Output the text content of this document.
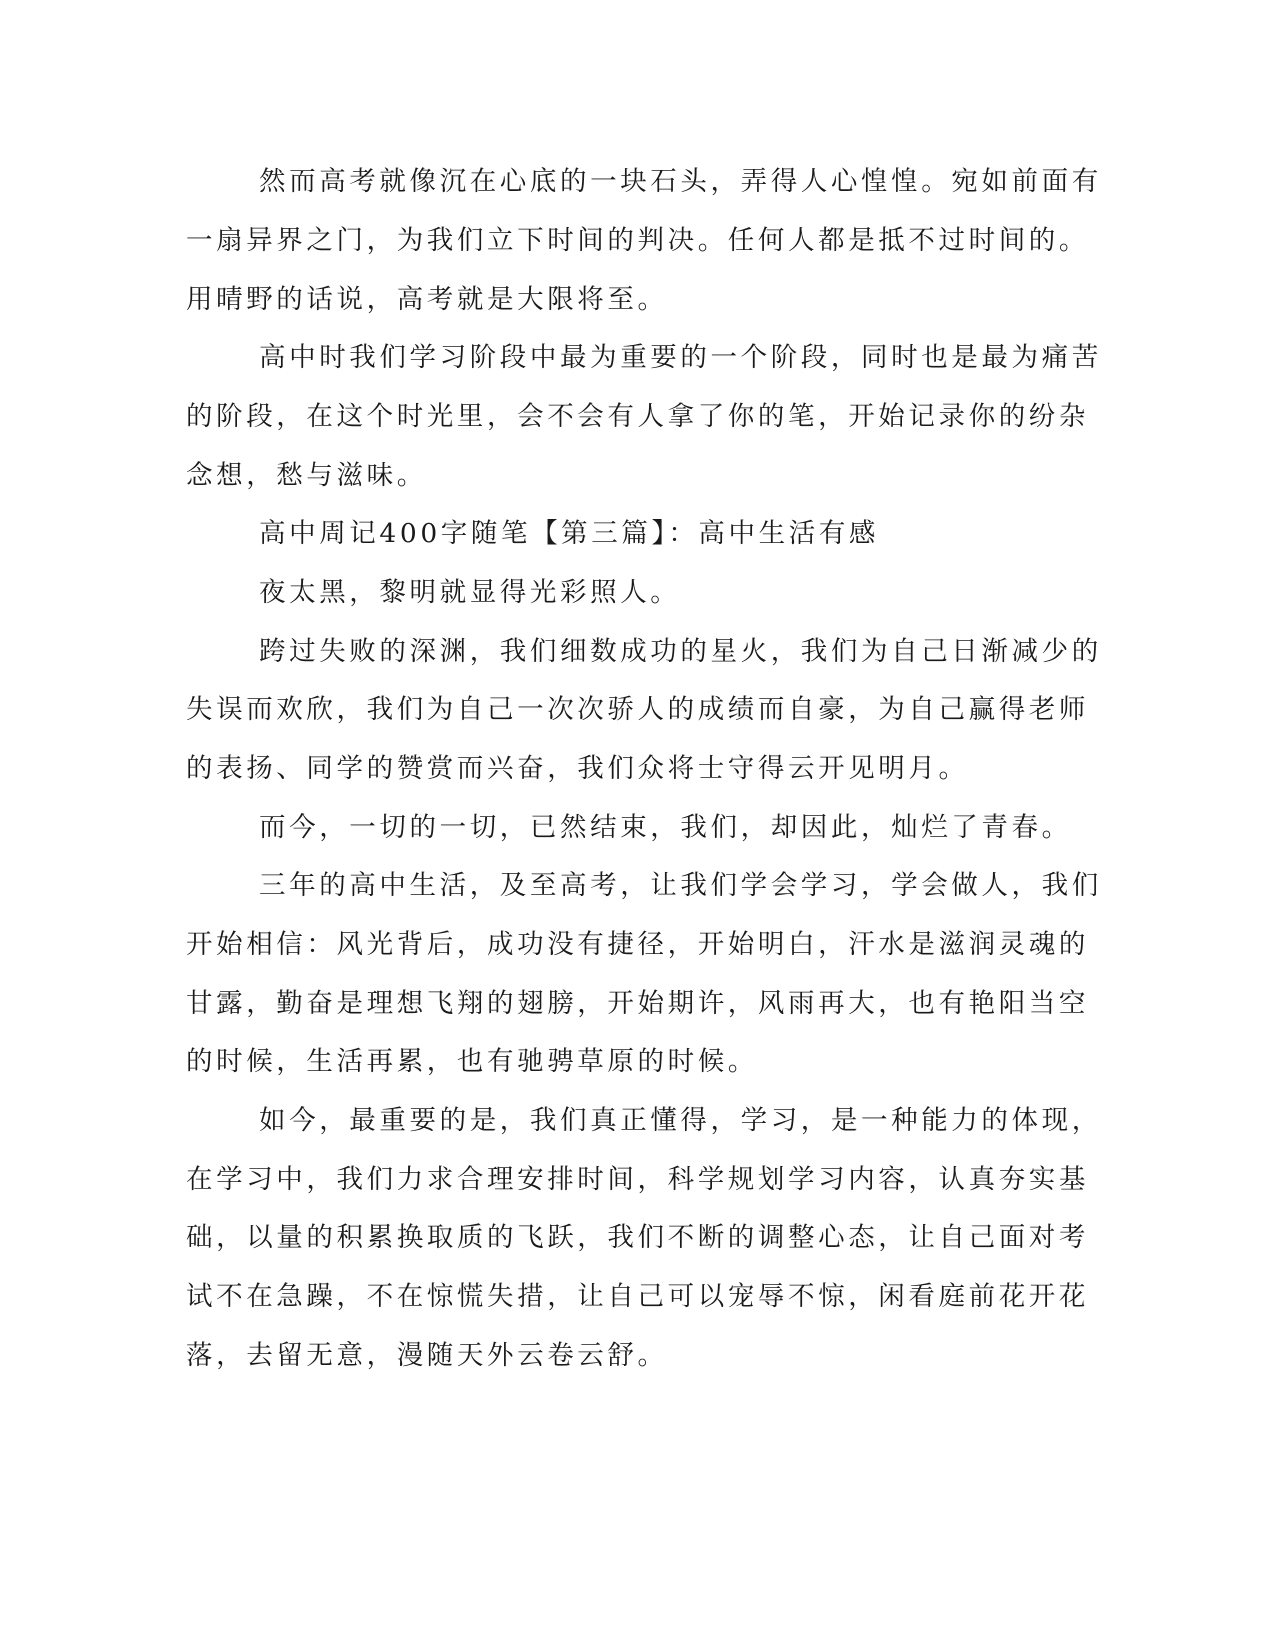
然而高考就像沉在心底的一块石头，弄得人心惶惶。宛如前面有
一扇异界之门，为我们立下时间的判决。任何人都是抵不过时间的。
用晴野的话说，高考就是大限将至。
高中时我们学习阶段中最为重要的一个阶段，同时也是最为痛苦
的阶段，在这个时光里，会不会有人拿了你的笔，开始记录你的纷杂
念想，愁与滋味。
高中周记400字随笔【第三篇】：高中生活有感
夜太黑，黎明就显得光彩照人。
跨过失败的深渊，我们细数成功的星火，我们为自己日渐减少的
失误而欢欣，我们为自己一次次骄人的成绩而自豪，为自己赢得老师
的表扬、同学的赞赏而兴奋，我们众将士守得云开见明月。
而今，一切的一切，已然结束，我们，却因此，灿烂了青春。
三年的高中生活，及至高考，让我们学会学习，学会做人，我们
开始相信：风光背后，成功没有捷径，开始明白，汗水是滋润灵魂的
甘露，勤奋是理想飞翔的翅膀，开始期许，风雨再大，也有艳阳当空
的时候，生活再累，也有驰骋草原的时候。
如今，最重要的是，我们真正懂得，学习，是一种能力的体现，
在学习中，我们力求合理安排时间，科学规划学习内容，认真夯实基
础，以量的积累换取质的飞跃，我们不断的调整心态，让自己面对考
试不在急躁，不在惊慌失措，让自己可以宠辱不惊，闲看庭前花开花
落，去留无意，漫随天外云卷云舒。
